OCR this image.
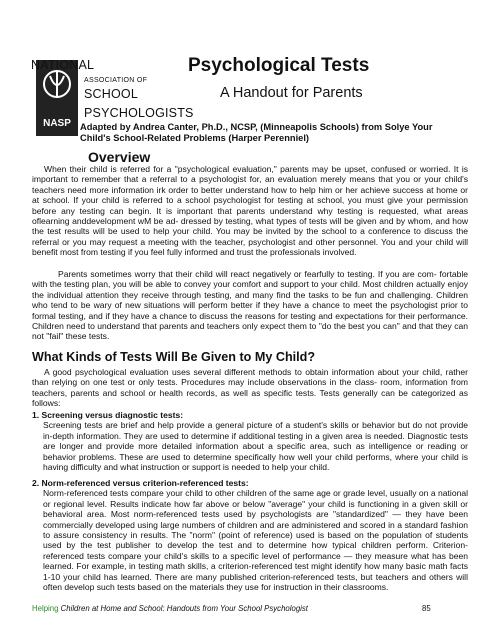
NASP
NATIONAL
ASSOCIATION OF
SCHOOL
PSYCHOLOGISTS
Psychological Tests
A Handout for Parents
Adapted by Andrea Canter, Ph.D., NCSP, (Minneapolis Schools) from Solye Your
Child's School-Related Problems (Harper Perenniel)
Overview
When their child is referred for a "psychological evaluation," parents may be upset, confused or worried. It is important to remember that a referral to a psychologist for, an evaluation merely means that you or your child's teachers need more information irk order to better understand how to help him or her achieve success at home or at school. If your child is referred to a school psychologist for testing at school, you must give your permission before any testing can begin. It is important that parents understand why testing is requested, what areas oflearning anddevelopment wM be ad- dressed by testing, what types of tests will be given and by whom, and how the test results will be used to help your child. You may be invited by the school to a conference to discuss the referral or you may request a meeting with the teacher, psychologist and other personnel. You and your child will benefit most from testing if you feel fully informed and trust the professionals involved.
Parents sometimes worry that their child will react negatively or fearfully to testing. If you are com- fortable with the testing plan, you will be able to convey your comfort and support to your child. Most children actually enjoy the individual attention they receive through testing, and many find the tasks to be fun and challenging. Children who tend to be wary of new situations will perform better if they have a chance to meet the psychologist prior to formal testing, and if they have a chance to discuss the reasons for testing and expectations for their performance. Children need to understand that parents and teachers only expect them to "do the best you can" and that they can not "fail" these tests.
What Kinds of Tests Will Be Given to My Child?
A good psychological evaluation uses several different methods to obtain information about your child, rather than relying on one test or only tests. Procedures may include observations in the class- room, information from teachers, parents and school or health records, as well as specific tests. Tests generally can be categorized as follows:
1. Screening versus diagnostic tests:
Screening tests are brief and help provide a general picture of a student's skills or behavior but do not provide in-depth information. They are used to determine if additional testing in a given area is needed. Diagnostic tests are longer and provide more detailed information about a specific area, such as intelligence or reading or behavior problems. These are used to determine specifically how well your child performs, where your child is having difficulty and what instruction or support is needed to help your child.
2. Norm-referenced versus criterion-referenced tests:
Norm-referenced tests compare your child to other children of the same age or grade level, usually on a national or regional level. Results indicate how far above or below "average" your child is functioning in a given skill or behavioral area. Most norm-referenced tests used by psychologists are "standardized" — they have been commercially developed using large numbers of children and are administered and scored in a standard fashion to assure consistency in results. The "norm" (point of reference) used is based on the population of students used by the test publisher to develop the test and to determine how typical children perform. Criterion-referenced tests compare your child's skills to a specific level of performance — they measure what has been learned. For example, in testing math skills, a criterion-referenced test might identify how many basic math facts 1-10 your child has learned. There are many published criterion-referenced tests, but teachers and others will often develop such tests based on the materials they use for instruction in their classrooms.
Helping Children at Home and School: Handouts from Your School Psychologist	85
